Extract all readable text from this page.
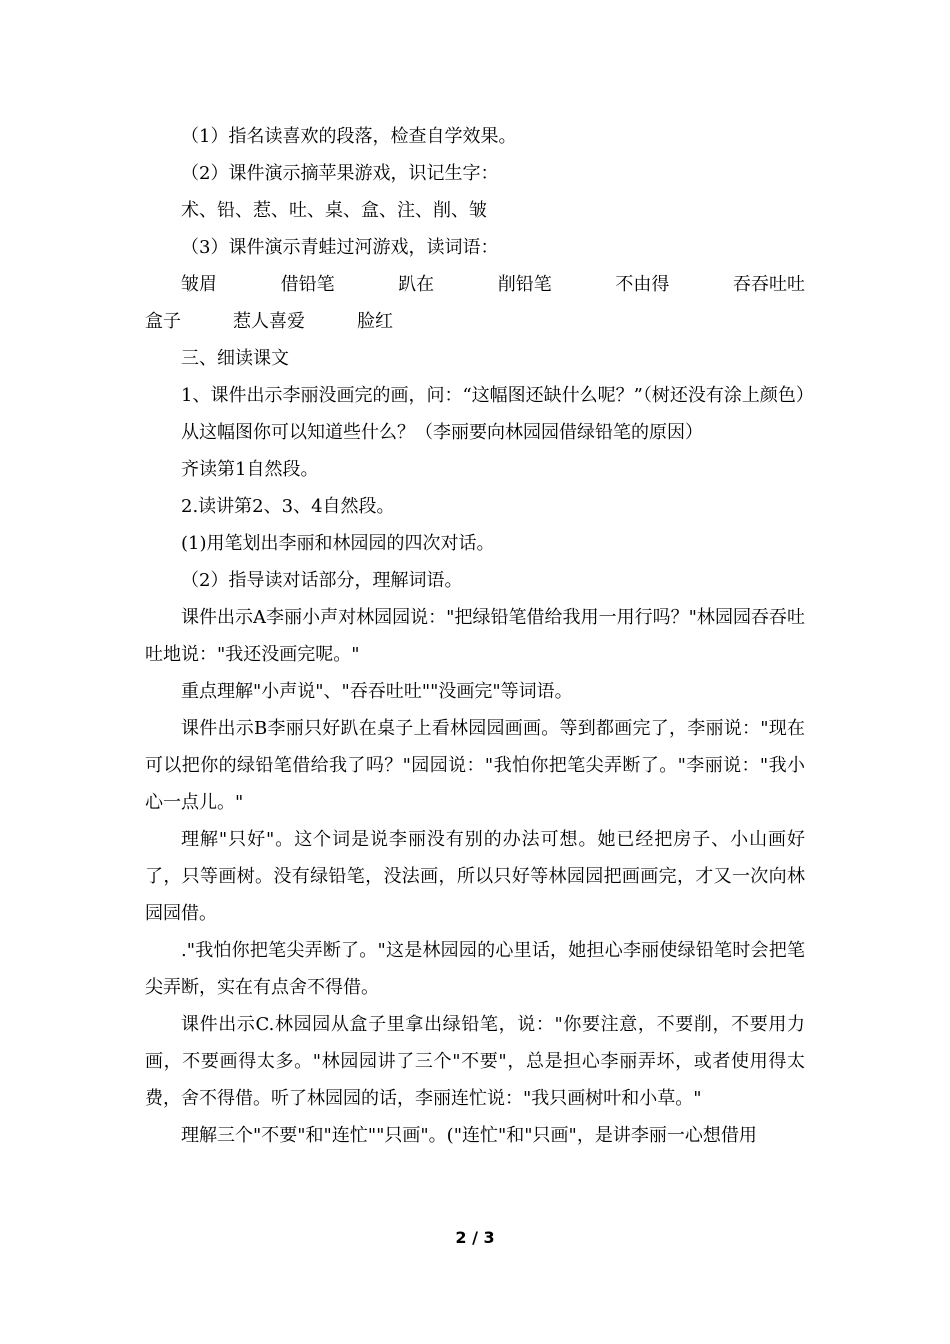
（1）指名读喜欢的段落，检查自学效果。

（2）课件演示摘苹果游戏，识记生字：

术、铅、惹、吐、桌、盒、注、削、皱

（3）课件演示青蛙过河游戏，读词语：

皱眉	借铅笔	趴在	削铅笔	不由得	吞吞吐吐
盒子	惹人喜爱	脸红

三、细读课文

1、课件出示李丽没画完的画，问：“这幅图还缺什么呢？”（树还没有涂上颜色）

从这幅图你可以知道些什么？（李丽要向林园园借绿铅笔的原因）

齐读第1自然段。

2.读讲第2、3、4自然段。

(1)用笔划出李丽和林园园的四次对话。

（2）指导读对话部分，理解词语。

课件出示A李丽小声对林园园说："把绿铅笔借给我用一用行吗？"林园园吞吞吐吐地说："我还没画完呢。"

重点理解"小声说"、"吞吞吐吐""没画完"等词语。

课件出示B李丽只好趴在桌子上看林园园画画。等到都画完了，李丽说："现在可以把你的绿铅笔借给我了吗？"园园说："我怕你把笔尖弄断了。"李丽说："我小心一点儿。"

理解"只好"。这个词是说李丽没有别的办法可想。她已经把房子、小山画好了，只等画树。没有绿铅笔，没法画，所以只好等林园园把画画完，才又一次向林园园借。

."我怕你把笔尖弄断了。"这是林园园的心里话，她担心李丽使绿铅笔时会把笔尖弄断，实在有点舍不得借。

课件出示C.林园园从盒子里拿出绿铅笔，说："你要注意，不要削，不要用力画，不要画得太多。"林园园讲了三个"不要"，总是担心李丽弄坏，或者使用得太费，舍不得借。听了林园园的话，李丽连忙说："我只画树叶和小草。"

理解三个"不要"和"连忙""只画"。("连忙"和"只画"，是讲李丽一心想借用

2 / 3
